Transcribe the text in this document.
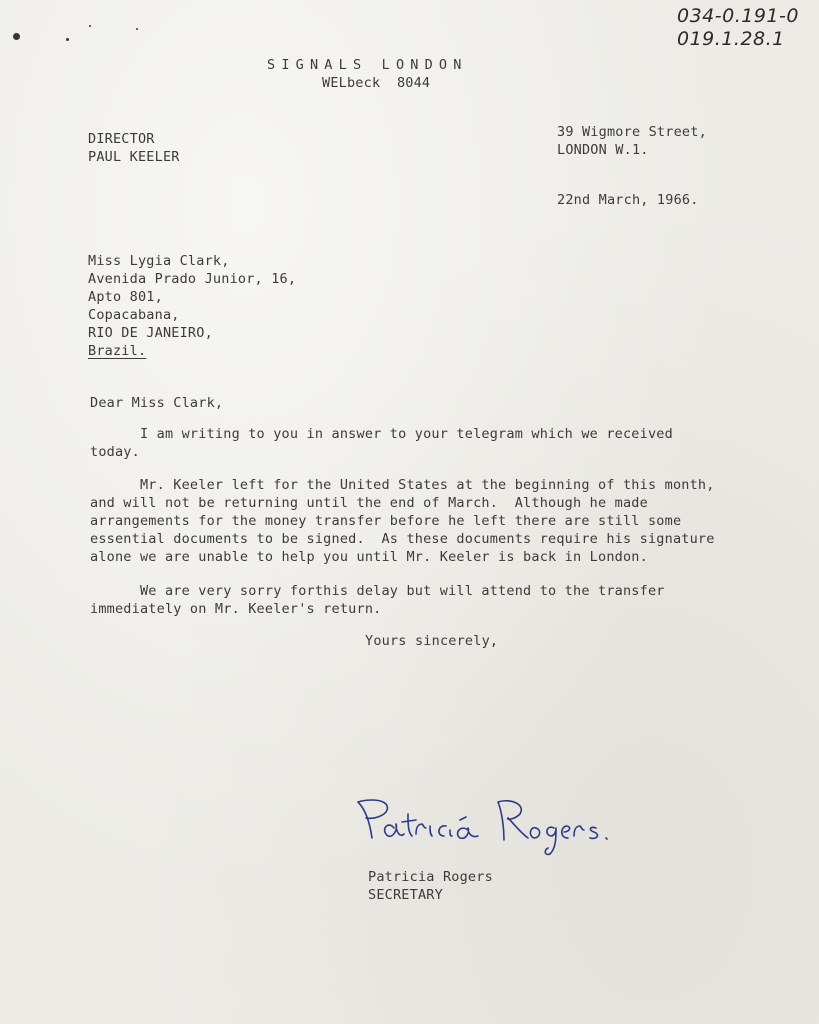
034-0.191-0
019.1.28.1
SIGNALS LONDON
WELbeck  8044
DIRECTOR
PAUL KEELER
39 Wigmore Street,
LONDON W.1.
22nd March, 1966.
Miss Lygia Clark,
Avenida Prado Junior, 16,
Apto 801,
Copacabana,
RIO DE JANEIRO,
Brazil.
Dear Miss Clark,
I am writing to you in answer to your telegram which we received
today.
Mr. Keeler left for the United States at the beginning of this month,
and will not be returning until the end of March.  Although he made
arrangements for the money transfer before he left there are still some
essential documents to be signed.  As these documents require his signature
alone we are unable to help you until Mr. Keeler is back in London.
We are very sorry forthis delay but will attend to the transfer
immediately on Mr. Keeler's return.
Yours sincerely,
Patricia Rogers
SECRETARY
